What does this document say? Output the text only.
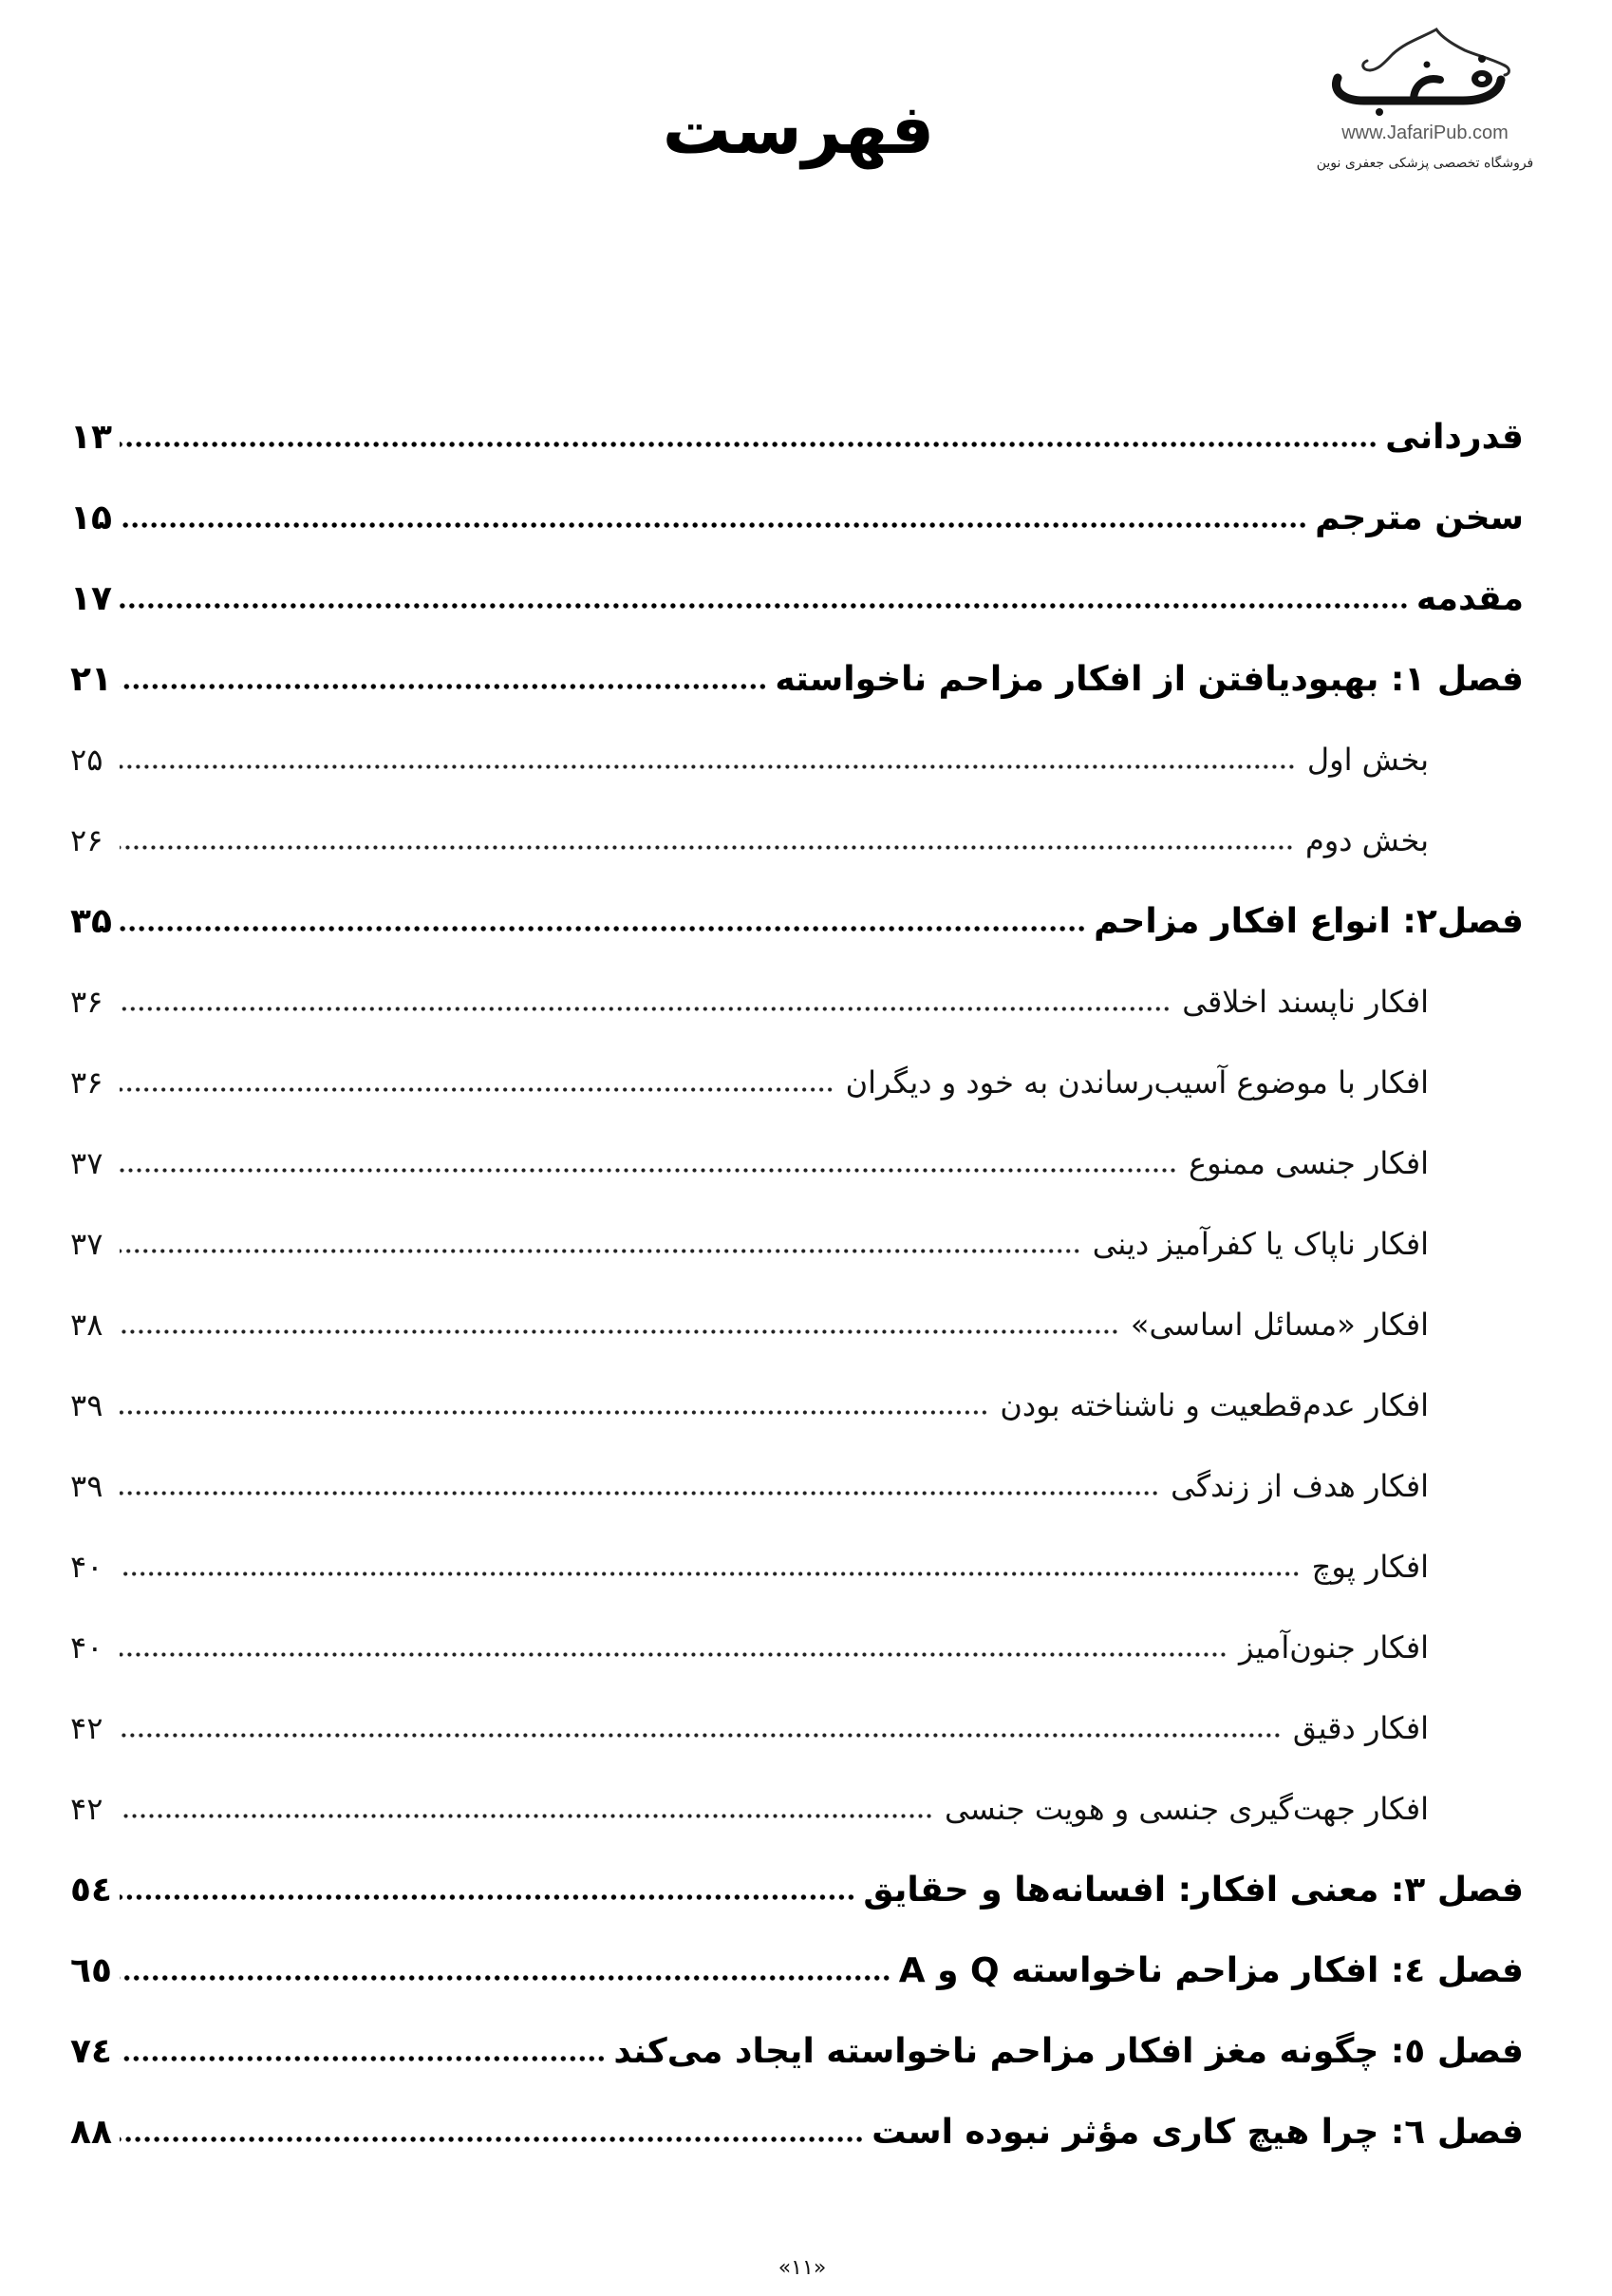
www.JafariPub.com
فروشگاه تخصصی پزشکی جعفری نوین
فهرست
قدردانی
۱۳
سخن مترجم
۱۵
مقدمه
۱۷
فصل ۱: بهبودیافتن از افکار مزاحم ناخواسته
۲۱
بخش اول
۲۵
بخش دوم
۲۶
فصل۲: انواع افکار مزاحم
۳۵
افکار ناپسند اخلاقی
۳۶
افکار با موضوع آسیب‌رساندن به خود و دیگران
۳۶
افکار جنسی ممنوع
۳۷
افکار ناپاک یا کفرآمیز دینی
۳۷
افکار «مسائل اساسی»
۳۸
افکار عدم‌قطعیت و ناشناخته بودن
۳۹
افکار هدف از زندگی
۳۹
افکار پوچ
۴۰
افکار جنون‌آمیز
۴۰
افکار دقیق
۴۲
افکار جهت‌گیری جنسی و هویت جنسی
۴۲
فصل ۳: معنی افکار: افسانه‌ها و حقایق
٥٤
فصل ٤: افکار مزاحم ناخواسته Q و A
٦٥
فصل ٥: چگونه مغز افکار مزاحم ناخواسته ایجاد می‌کند
٧٤
فصل ٦: چرا هیچ کاری مؤثر نبوده است
۸۸
«۱۱»
